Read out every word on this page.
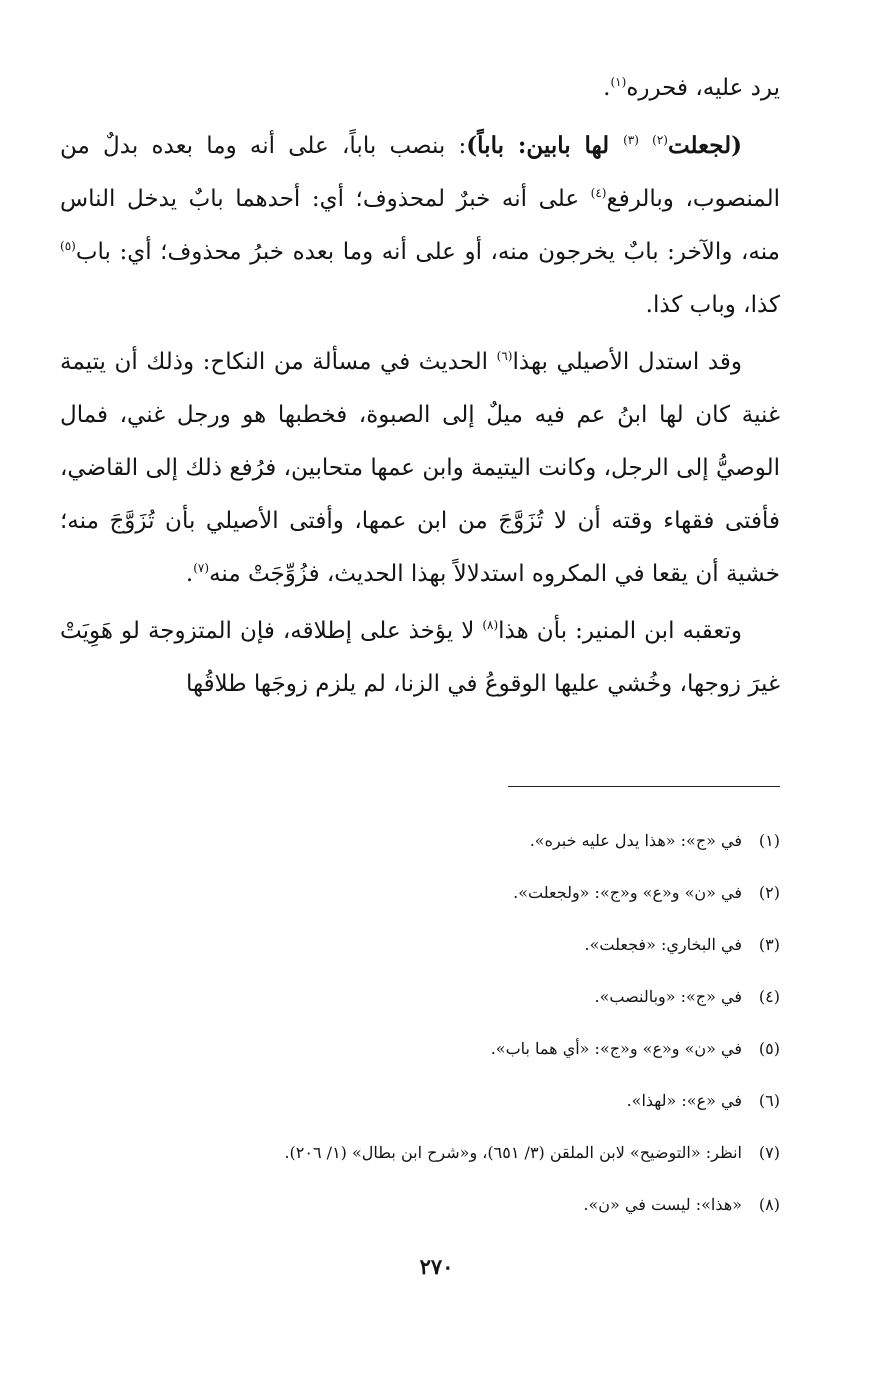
يرد عليه، فحرره$^{(١)}$.

(لجعلت$^{(٢)}$ $^{(٣)}$ لها بابين: باباً): بنصب باباً، على أنه وما بعده بدلٌ من المنصوب، وبالرفع$^{(٤)}$ على أنه خبرٌ لمحذوف؛ أي: أحدهما بابٌ يدخل الناس منه، والآخر: بابٌ يخرجون منه، أو على أنه وما بعده خبرُ محذوف؛ أي: باب$^{(٥)}$ كذا، وباب كذا.

وقد استدل الأصيلي بهذا$^{(٦)}$ الحديث في مسألة من النكاح: وذلك أن يتيمة غنية كان لها ابنُ عم فيه ميلٌ إلى الصبوة، فخطبها هو ورجل غني، فمال الوصيُّ إلى الرجل، وكانت اليتيمة وابن عمها متحابين، فرُفع ذلك إلى القاضي، فأفتى فقهاء وقته أن لا تُزَوَّجَ من ابن عمها، وأفتى الأصيلي بأن تُزَوَّجَ منه؛ خشية أن يقعا في المكروه استدلالاً بهذا الحديث، فزُوِّجَتْ منه$^{(٧)}$.

وتعقبه ابن المنير: بأن هذا$^{(٨)}$ لا يؤخذ على إطلاقه، فإن المتزوجة لو هَوِيَتْ غيرَ زوجها، وخُشي عليها الوقوعُ في الزنا، لم يلزم زوجَها طلاقُها

(١)
في «ج»: «هذا يدل عليه خبره».
(٢)
في «ن» و«ع» و«ج»: «ولجعلت».
(٣)
في البخاري: «فجعلت».
(٤)
في «ج»: «وبالنصب».
(٥)
في «ن» و«ع» و«ج»: «أي هما باب».
(٦)
في «ع»: «لهذا».
(٧)
انظر: «التوضيح» لابن الملقن (٣/ ٦٥١)، و«شرح ابن بطال» (١/ ٢٠٦).
(٨)
«هذا»: ليست في «ن».
٢٧٠
